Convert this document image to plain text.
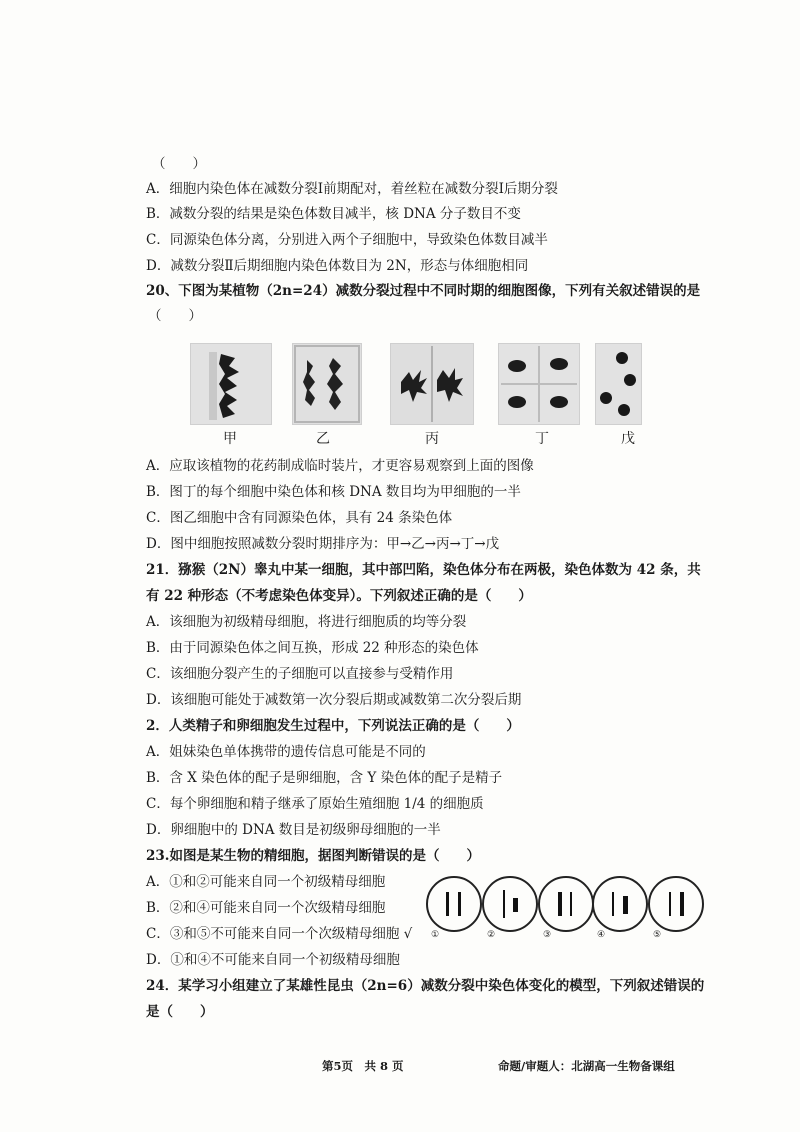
（　　）
A．细胞内染色体在减数分裂Ⅰ前期配对，着丝粒在减数分裂Ⅰ后期分裂
B．减数分裂的结果是染色体数目减半，核 DNA 分子数目不变
C．同源染色体分离，分别进入两个子细胞中，导致染色体数目减半
D．减数分裂Ⅱ后期细胞内染色体数目为 2N，形态与体细胞相同
20、下图为某植物（2n=24）减数分裂过程中不同时期的细胞图像，下列有关叙述错误的是
（　　）
甲	乙	丙	丁	戊
A．应取该植物的花药制成临时装片，才更容易观察到上面的图像
B．图丁的每个细胞中染色体和核 DNA 数目均为甲细胞的一半
C．图乙细胞中含有同源染色体，具有 24 条染色体
D．图中细胞按照减数分裂时期排序为：甲→乙→丙→丁→戊
21．猕猴（2N）睾丸中某一细胞，其中部凹陷，染色体分布在两极，染色体数为 42 条，共
有 22 种形态（不考虑染色体变异）。下列叙述正确的是（　　）
A．该细胞为初级精母细胞，将进行细胞质的均等分裂
B．由于同源染色体之间互换，形成 22 种形态的染色体
C．该细胞分裂产生的子细胞可以直接参与受精作用
D．该细胞可能处于减数第一次分裂后期或减数第二次分裂后期
2．人类精子和卵细胞发生过程中，下列说法正确的是（　　）
A．姐妹染色单体携带的遗传信息可能是不同的
B．含 X 染色体的配子是卵细胞，含 Y 染色体的配子是精子
C．每个卵细胞和精子继承了原始生殖细胞 1/4 的细胞质
D．卵细胞中的 DNA 数目是初级卵母细胞的一半
23.如图是某生物的精细胞，据图判断错误的是（　　）
A．①和②可能来自同一个初级精母细胞
B．②和④可能来自同一个次级精母细胞
C．③和⑤不可能来自同一个次级精母细胞 √
D．①和④不可能来自同一个初级精母细胞
①	②	③	④	⑤
24．某学习小组建立了某雄性昆虫（2n=6）减数分裂中染色体变化的模型，下列叙述错误的
是（　　）
第5页　共 8 页	命题/审题人：北湖高一生物备课组
